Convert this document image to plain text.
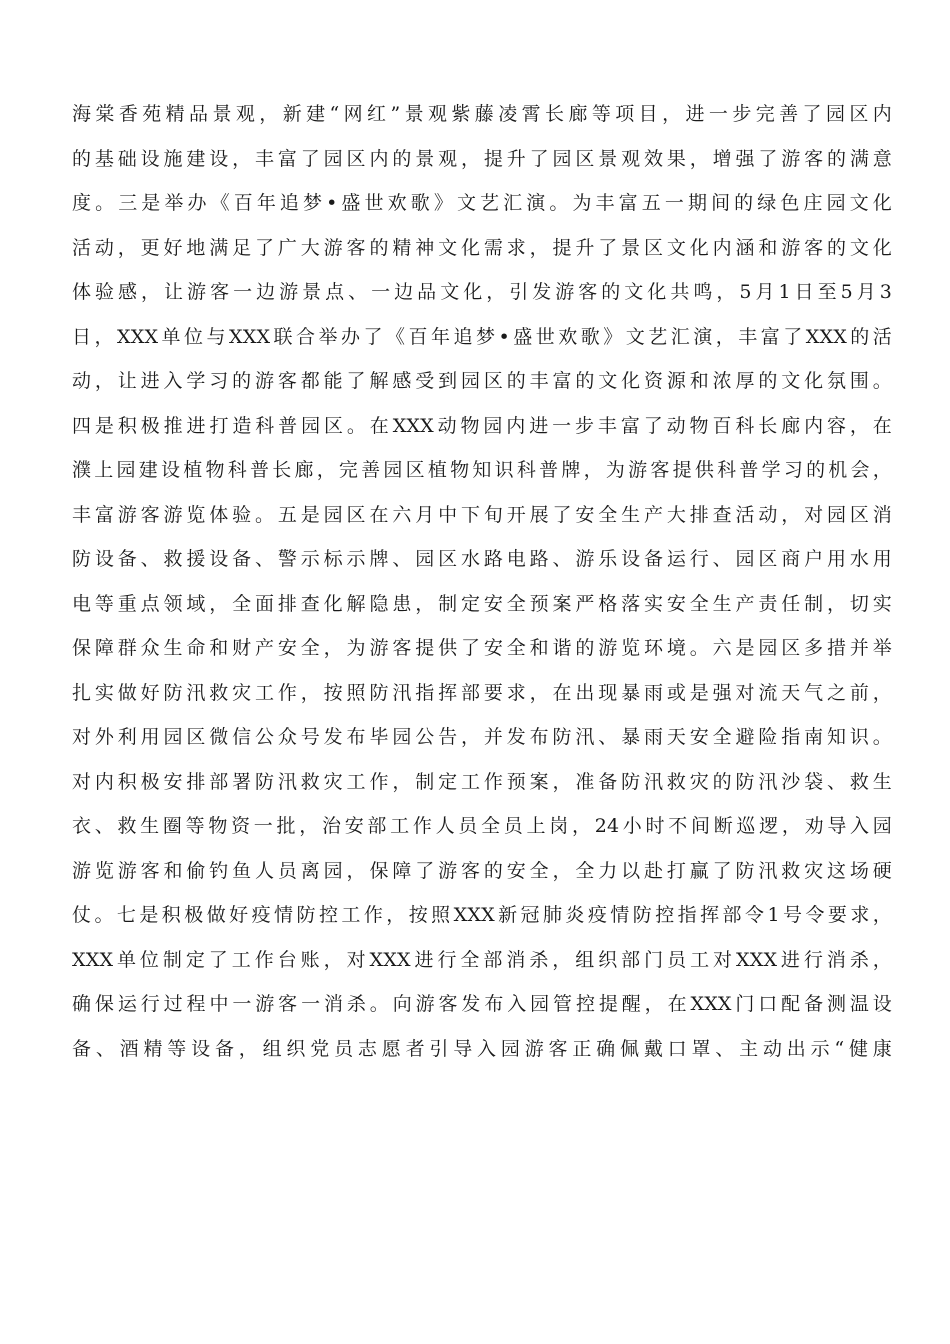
海棠香苑精品景观，新建“网红”景观紫藤凌霄长廊等项目，进一步完善了园区内
的基础设施建设，丰富了园区内的景观，提升了园区景观效果，增强了游客的满意
度。三是举办《百年追梦•盛世欢歌》文艺汇演。为丰富五一期间的绿色庄园文化
活动，更好地满足了广大游客的精神文化需求，提升了景区文化内涵和游客的文化
体验感，让游客一边游景点、一边品文化，引发游客的文化共鸣，5月1日至5月3
日，XXX单位与XXX联合举办了《百年追梦•盛世欢歌》文艺汇演，丰富了XXX的活
动，让进入学习的游客都能了解感受到园区的丰富的文化资源和浓厚的文化氛围。
四是积极推进打造科普园区。在XXX动物园内进一步丰富了动物百科长廊内容，在
濮上园建设植物科普长廊，完善园区植物知识科普牌，为游客提供科普学习的机会，
丰富游客游览体验。五是园区在六月中下旬开展了安全生产大排查活动，对园区消
防设备、救援设备、警示标示牌、园区水路电路、游乐设备运行、园区商户用水用
电等重点领域，全面排查化解隐患，制定安全预案严格落实安全生产责任制，切实
保障群众生命和财产安全，为游客提供了安全和谐的游览环境。六是园区多措并举
扎实做好防汛救灾工作，按照防汛指挥部要求，在出现暴雨或是强对流天气之前，
对外利用园区微信公众号发布毕园公告，并发布防汛、暴雨天安全避险指南知识。
对内积极安排部署防汛救灾工作，制定工作预案，准备防汛救灾的防汛沙袋、救生
衣、救生圈等物资一批，治安部工作人员全员上岗，24小时不间断巡逻，劝导入园
游览游客和偷钓鱼人员离园，保障了游客的安全，全力以赴打赢了防汛救灾这场硬
仗。七是积极做好疫情防控工作，按照XXX新冠肺炎疫情防控指挥部令1号令要求，
XXX单位制定了工作台账，对XXX进行全部消杀，组织部门员工对XXX进行消杀，
确保运行过程中一游客一消杀。向游客发布入园管控提醒，在XXX门口配备测温设
备、酒精等设备，组织党员志愿者引导入园游客正确佩戴口罩、主动出示“健康
